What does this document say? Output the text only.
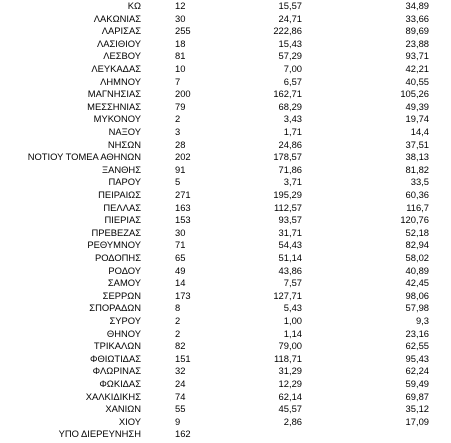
ΚΩ	12	15,57	34,89
ΛΑΚΩΝΙΑΣ	30	24,71	33,66
ΛΑΡΙΣΑΣ	255	222,86	89,69
ΛΑΣΙΘΙΟΥ	18	15,43	23,88
ΛΕΣΒΟΥ	81	57,29	93,71
ΛΕΥΚΑΔΑΣ	10	7,00	42,21
ΛΗΜΝΟΥ	7	6,57	40,55
ΜΑΓΝΗΣΙΑΣ	200	162,71	105,26
ΜΕΣΣΗΝΙΑΣ	79	68,29	49,39
ΜΥΚΟΝΟΥ	2	3,43	19,74
ΝΑΞΟΥ	3	1,71	14,4
ΝΗΣΩΝ	28	24,86	37,51
ΝΟΤΙΟΥ ΤΟΜΕΑ ΑΘΗΝΩΝ	202	178,57	38,13
ΞΑΝΘΗΣ	91	71,86	81,82
ΠΑΡΟΥ	5	3,71	33,5
ΠΕΙΡΑΙΩΣ	271	195,29	60,36
ΠΕΛΛΑΣ	163	112,57	116,7
ΠΙΕΡΙΑΣ	153	93,57	120,76
ΠΡΕΒΕΖΑΣ	30	31,71	52,18
ΡΕΘΥΜΝΟΥ	71	54,43	82,94
ΡΟΔΟΠΗΣ	65	51,14	58,02
ΡΟΔΟΥ	49	43,86	40,89
ΣΑΜΟΥ	14	7,57	42,45
ΣΕΡΡΩΝ	173	127,71	98,06
ΣΠΟΡΑΔΩΝ	8	5,43	57,98
ΣΥΡΟΥ	2	1,00	9,3
ΘΗΝΟΥ	2	1,14	23,16
ΤΡΙΚΑΛΩΝ	82	79,00	62,55
ΦΘΙΩΤΙΔΑΣ	151	118,71	95,43
ΦΛΩΡΙΝΑΣ	32	31,29	62,24
ΦΩΚΙΔΑΣ	24	12,29	59,49
ΧΑΛΚΙΔΙΚΗΣ	74	62,14	69,87
ΧΑΝΙΩΝ	55	45,57	35,12
ΧΙΟΥ	9	2,86	17,09
ΥΠΟ ΔΙΕΡΕΥΝΗΣΗ	162
